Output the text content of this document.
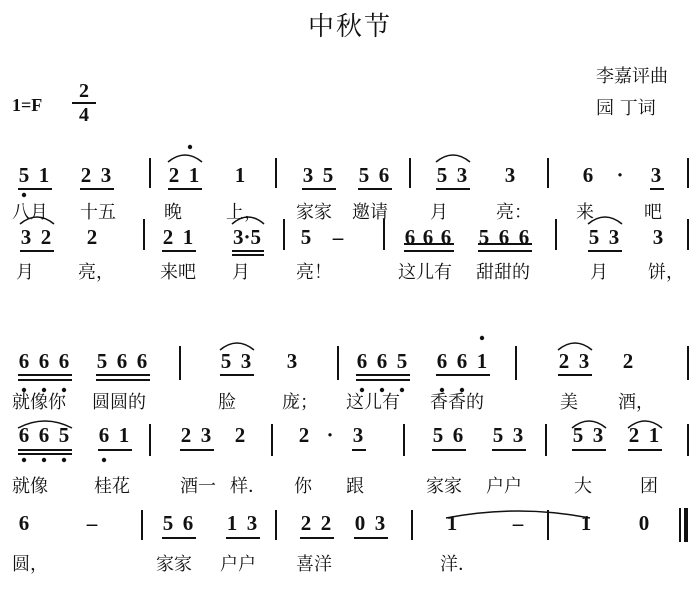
中秋节
李嘉评曲
园 丁词
1=F
2
4
5 1 2 3	2 1 1	3 5 5 6 5 3 3	6 · 3
八月 十五	晚 上， 家家 邀请 月	亮： 来	吧
3 2 2	2 1 3·5 5 –	6 6 6 5 6 6	5 3 3
月 亮，	来吧 月	亮！	这儿有 甜甜的	月 饼，
6 6 6 5 6 6	5 3 3	6 6 5 6 6 1	2 3 2
就像你 圆圆的	脸	庞； 这儿有 香香的	美 酒，
6 6 5 6 1 2 3 2	2 · 3	5 6 5 3 5 3 2 1
就像	桂花	酒一 样． 你 跟	家家 户户	大	团
6	–	5 6 1 3 2 2 0 3	1	–	1 0
圆，	家家 户户 喜洋	洋．
